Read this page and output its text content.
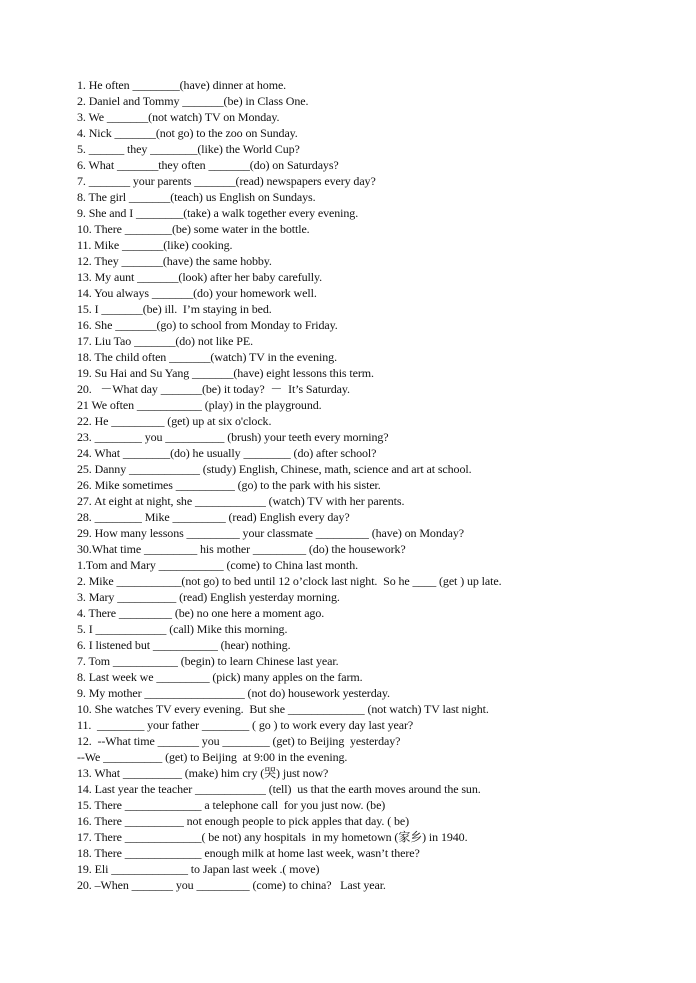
1. He often ________(have) dinner at home.
2. Daniel and Tommy _______(be) in Class One.
3. We _______(not watch) TV on Monday.
4. Nick _______(not go) to the zoo on Sunday.
5. ______ they ________(like) the World Cup?
6. What _______they often _______(do) on Saturdays?
7. _______ your parents _______(read) newspapers every day?
8. The girl _______(teach) us English on Sundays.
9. She and I ________(take) a walk together every evening.
10. There ________(be) some water in the bottle.
11. Mike _______(like) cooking.
12. They _______(have) the same hobby.
13. My aunt _______(look) after her baby carefully.
14. You always _______(do) your homework well.
15. I _______(be) ill.  I’m staying in bed.
16. She _______(go) to school from Monday to Friday.
17. Liu Tao _______(do) not like PE.
18. The child often _______(watch) TV in the evening.
19. Su Hai and Su Yang _______(have) eight lessons this term.
20.   －What day _______(be) it today?  －  It’s Saturday.
21 We often ___________ (play) in the playground.
22. He _________ (get) up at six o'clock.
23. ________ you __________ (brush) your teeth every morning?
24. What ________(do) he usually ________ (do) after school?
25. Danny ____________ (study) English, Chinese, math, science and art at school.
26. Mike sometimes __________ (go) to the park with his sister.
27. At eight at night, she ____________ (watch) TV with her parents.
28. ________ Mike _________ (read) English every day?
29. How many lessons _________ your classmate _________ (have) on Monday?
30.What time _________ his mother _________ (do) the housework?
1.Tom and Mary ___________ (come) to China last month.
2. Mike ___________(not go) to bed until 12 o’clock last night.  So he ____ (get ) up late.
3. Mary __________ (read) English yesterday morning.
4. There _________ (be) no one here a moment ago.
5. I ____________ (call) Mike this morning.
6. I listened but ___________ (hear) nothing.
7. Tom ___________ (begin) to learn Chinese last year.
8. Last week we _________ (pick) many apples on the farm.
9. My mother _________________ (not do) housework yesterday.
10. She watches TV every evening.  But she _____________ (not watch) TV last night.
11.  ________ your father ________ ( go ) to work every day last year?
12.  --What time _______ you ________ (get) to Beijing  yesterday?
--We __________ (get) to Beijing  at 9:00 in the evening.
13. What __________ (make) him cry (哭) just now?
14. Last year the teacher ____________ (tell)  us that the earth moves around the sun.
15. There _____________ a telephone call  for you just now. (be)
16. There __________ not enough people to pick apples that day. ( be)
17. There _____________( be not) any hospitals  in my hometown (家乡) in 1940.
18. There _____________ enough milk at home last week, wasn’t there?
19. Eli _____________ to Japan last week .( move)
20. –When _______ you _________ (come) to china?   Last year.
